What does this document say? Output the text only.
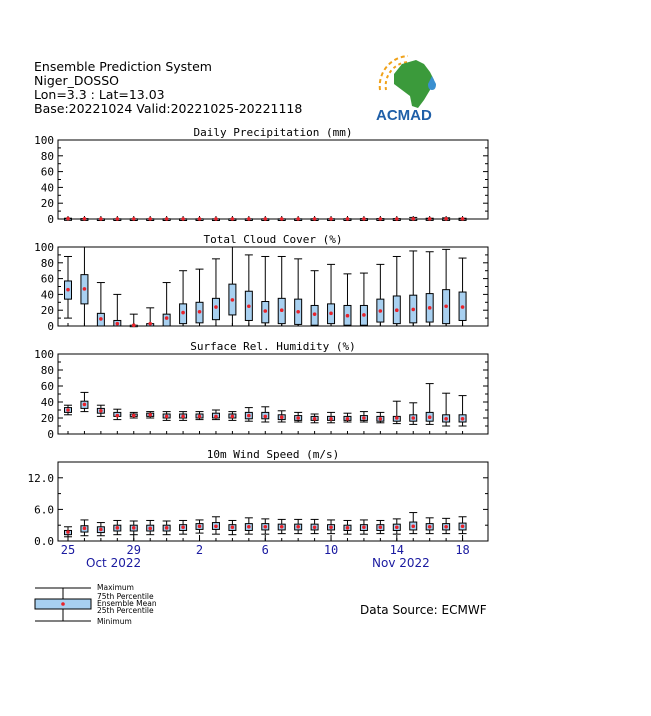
Ensemble Prediction System
Niger_DOSSO
Lon=3.3 : Lat=13.03
Base:20221024 Valid:20221025-20221118	ACMAD
Daily Precipitation (mm)
0
20
40
60
80
100
Total Cloud Cover (%)
0
20
40
60
80
100
Surface Rel. Humidity (%)
0
20
40
60
80
100
10m Wind Speed (m/s)
0.0
6.0
12.0
25	29	2	6	10	14	18
Oct 2022	Nov 2022
Maximum
75th Percentile
Ensemble Mean
25th Percentile
Minimum
Data Source: ECMWF
